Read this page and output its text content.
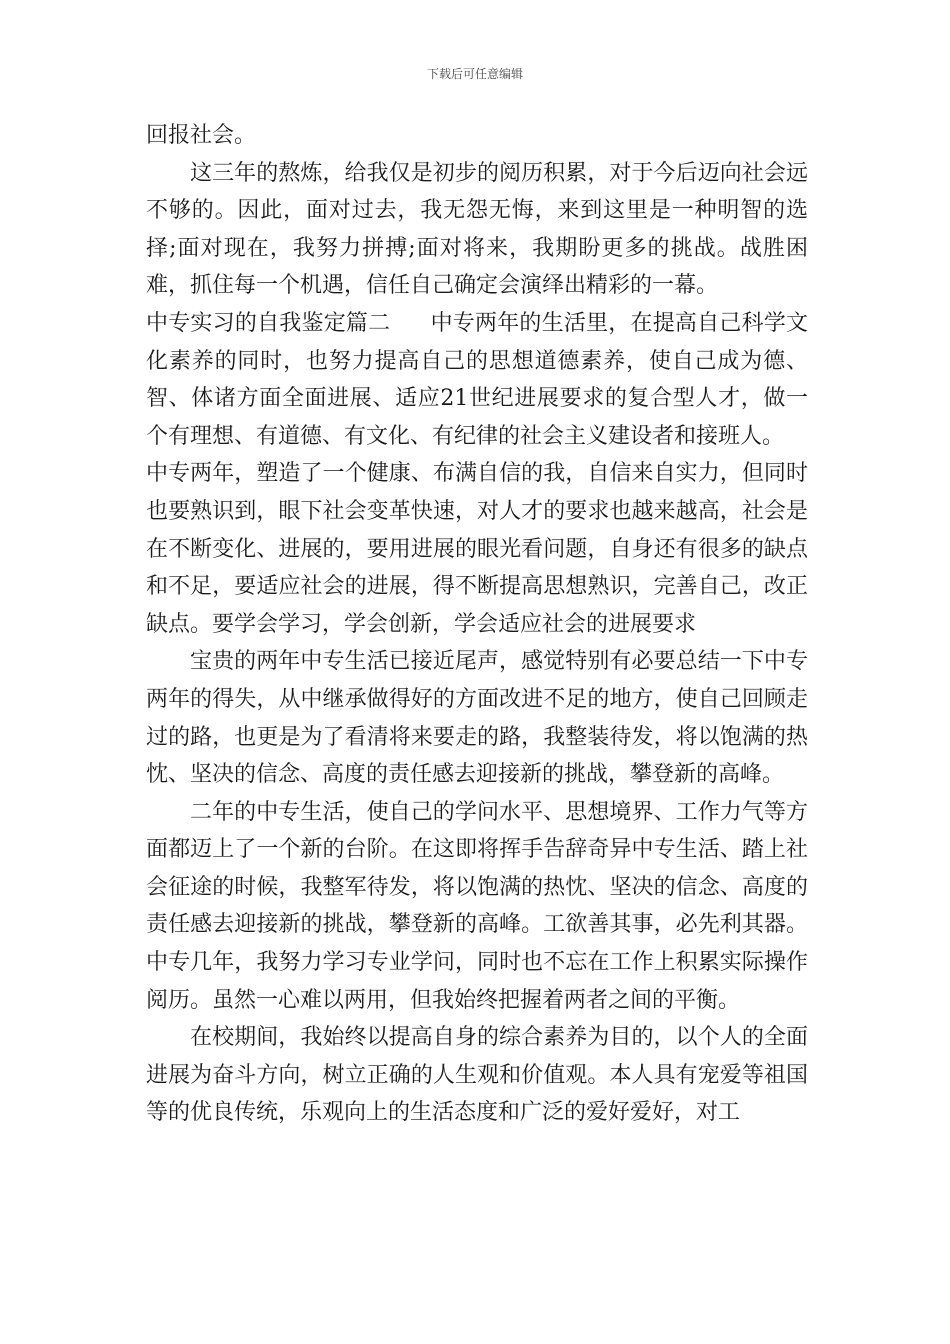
下载后可任意编辑

回报社会。

这三年的熬炼，给我仅是初步的阅历积累，对于今后迈向社会远不够的。因此，面对过去，我无怨无悔，来到这里是一种明智的选择;面对现在，我努力拼搏;面对将来，我期盼更多的挑战。战胜困难，抓住每一个机遇，信任自己确定会演绎出精彩的一幕。

中专实习的自我鉴定篇二 中专两年的生活里，在提高自己科学文化素养的同时，也努力提高自己的思想道德素养，使自己成为德、智、体诸方面全面进展、适应21世纪进展要求的复合型人才，做一个有理想、有道德、有文化、有纪律的社会主义建设者和接班人。

中专两年，塑造了一个健康、布满自信的我，自信来自实力，但同时也要熟识到，眼下社会变革快速，对人才的要求也越来越高，社会是在不断变化、进展的，要用进展的眼光看问题，自身还有很多的缺点和不足，要适应社会的进展，得不断提高思想熟识，完善自己，改正缺点。要学会学习，学会创新，学会适应社会的进展要求

宝贵的两年中专生活已接近尾声，感觉特别有必要总结一下中专两年的得失，从中继承做得好的方面改进不足的地方，使自己回顾走过的路，也更是为了看清将来要走的路，我整装待发，将以饱满的热忱、坚决的信念、高度的责任感去迎接新的挑战，攀登新的高峰。

二年的中专生活，使自己的学问水平、思想境界、工作力气等方面都迈上了一个新的台阶。在这即将挥手告辞奇异中专生活、踏上社会征途的时候，我整军待发，将以饱满的热忱、坚决的信念、高度的责任感去迎接新的挑战，攀登新的高峰。工欲善其事，必先利其器。中专几年，我努力学习专业学问，同时也不忘在工作上积累实际操作阅历。虽然一心难以两用，但我始终把握着两者之间的平衡。

在校期间，我始终以提高自身的综合素养为目的，以个人的全面进展为奋斗方向，树立正确的人生观和价值观。本人具有宠爱等祖国等的优良传统，乐观向上的生活态度和广泛的爱好爱好，对工
